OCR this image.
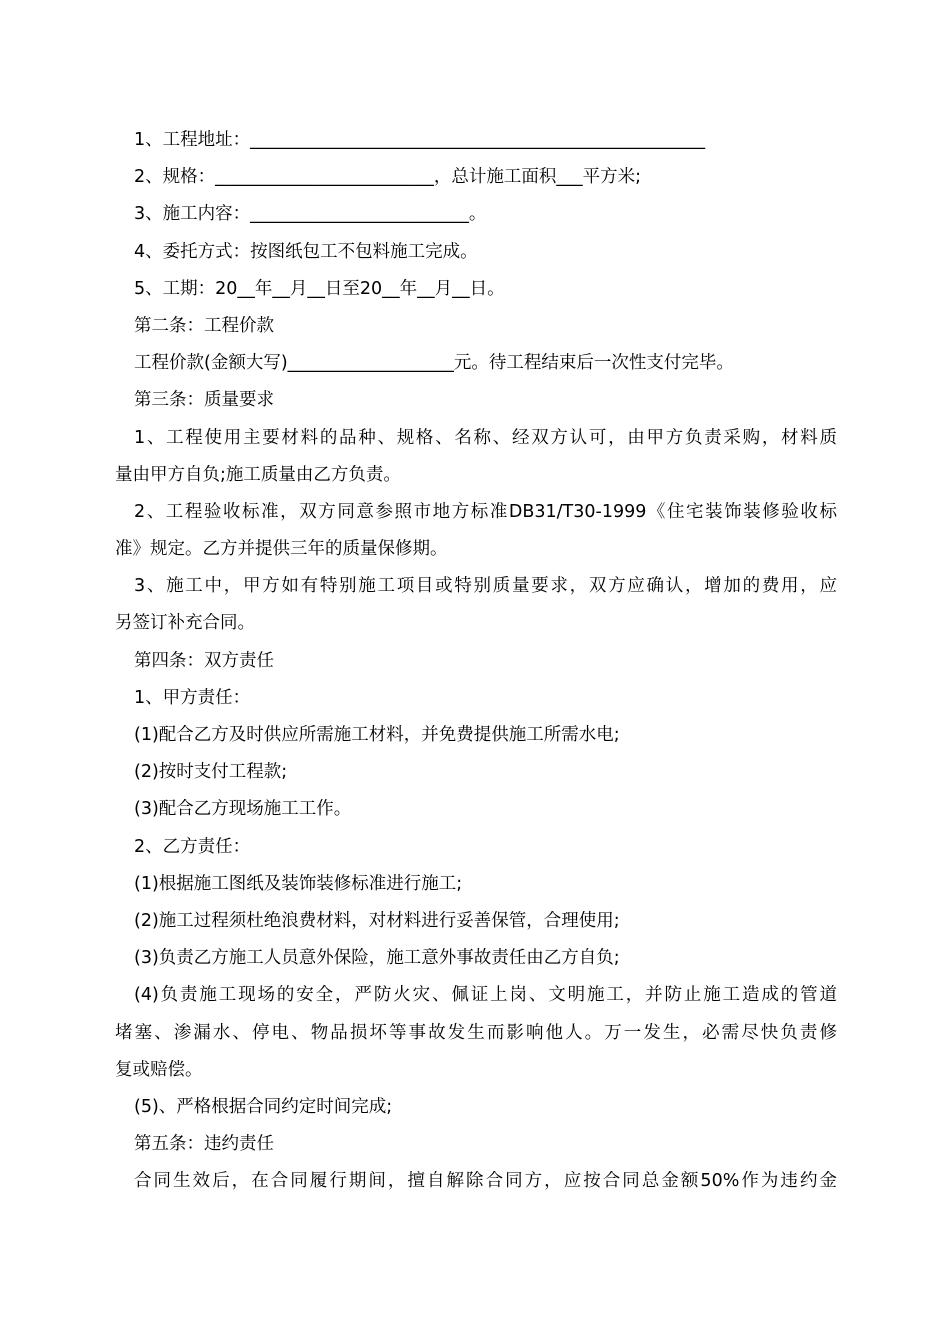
1、工程地址：____________________________________________________
2、规格：_________________________，总计施工面积___平方米;
3、施工内容：_________________________。
4、委托方式：按图纸包工不包料施工完成。
5、工期：20__年__月__日至20__年__月__日。
第二条：工程价款
工程价款(金额大写)___________________元。待工程结束后一次性支付完毕。
第三条：质量要求
1、工程使用主要材料的品种、规格、名称、经双方认可，由甲方负责采购，材料质
量由甲方自负;施工质量由乙方负责。
2、工程验收标准，双方同意参照市地方标准DB31/T30-1999《住宅装饰装修验收标
准》规定。乙方并提供三年的质量保修期。
3、施工中，甲方如有特别施工项目或特别质量要求，双方应确认，增加的费用，应
另签订补充合同。
第四条：双方责任
1、甲方责任：
(1)配合乙方及时供应所需施工材料，并免费提供施工所需水电;
(2)按时支付工程款;
(3)配合乙方现场施工工作。
2、乙方责任：
(1)根据施工图纸及装饰装修标准进行施工;
(2)施工过程须杜绝浪费材料，对材料进行妥善保管，合理使用;
(3)负责乙方施工人员意外保险，施工意外事故责任由乙方自负;
(4)负责施工现场的安全，严防火灾、佩证上岗、文明施工，并防止施工造成的管道
堵塞、渗漏水、停电、物品损坏等事故发生而影响他人。万一发生，必需尽快负责修
复或赔偿。
(5)、严格根据合同约定时间完成;
第五条：违约责任
合同生效后，在合同履行期间，擅自解除合同方，应按合同总金额50%作为违约金
